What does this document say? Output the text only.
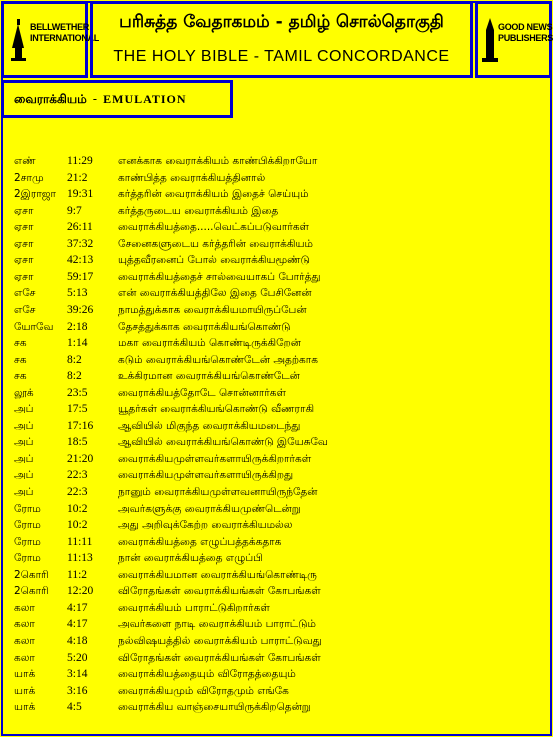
BELLWETHER
INTERNATIONAL
பரிசுத்த வேதாகமம் - தமிழ் சொல்தொகுதி
THE HOLY BIBLE - TAMIL CONCORDANCE
GOOD NEWS
PUBLISHERS
வைராக்கியம் - EMULATION
எண்	11:29 எனக்காக வைராக்கியம் காண்பிக்கிறாயோ
2சாமு 21:2	காண்பித்த வைராக்கியத்தினால்
2இராஜா 19:31 கர்த்தரின் வைராக்கியம் இதைச் செய்யும்
ஏசா	9:7	கர்த்தருடைய வைராக்கியம் இதை
ஏசா	26:11 வைராக்கியத்தை.....வெட்கப்படுவார்கள்
ஏசா	37:32 சேனைகளுடைய கர்த்தரின் வைராக்கியம்
ஏசா	42:13 யுத்தவீரனைப் போல் வைராக்கியமூண்டு
ஏசா	59:17 வைராக்கியத்தைச் சால்வையாகப் போர்த்து
எசே	5:13	என் வைராக்கியத்திலே இதை பேசினேன்
எசே	39:26 நாமத்துக்காக வைராக்கியமாயிருப்பேன்
யோவே 2:18	தேசத்துக்காக வைராக்கியங்கொண்டு
சக	1:14	மகா வைராக்கியம் கொண்டிருக்கிறேன்
சக	8:2	கடும் வைராக்கியங்கொண்டேன் அதற்காக
சக	8:2	உக்கிரமான வைராக்கியங்கொண்டேன்
லூக்	23:5	வைராக்கியத்தோடே சொன்னார்கள்
அப்	17:5	யூதர்கள் வைராக்கியங்கொண்டு வீணராகி
அப்	17:16 ஆவியில் மிகுந்த வைராக்கியமடைந்து
அப்	18:5	ஆவியில் வைராக்கியங்கொண்டு இயேசுவே
அப்	21:20 வைராக்கியமுள்ளவர்களாயிருக்கிறார்கள்
அப்	22:3	வைராக்கியமுள்ளவர்களாயிருக்கிறது
அப்	22:3	நானும் வைராக்கியமுள்ளவனாயிருந்தேன்
ரோம 10:2	அவர்களுக்கு வைராக்கியமுண்டென்று
ரோம 10:2	அது அறிவுக்கேற்ற வைராக்கியமல்ல
ரோம 11:11 வைராக்கியத்தை எழுப்பத்தக்கதாக
ரோம 11:13 நான் வைராக்கியத்தை எழுப்பி
2கொரி 11:2	வைராக்கியமான வைராக்கியங்கொண்டிரு
2கொரி 12:20 விரோதங்கள் வைராக்கியங்கள் கோபங்கள்
கலா	4:17	வைராக்கியம் பாராட்டுகிறார்கள்
கலா	4:17	அவர்களை நாடி வைராக்கியம் பாராட்டும்
கலா	4:18	நல்விஷயத்தில் வைராக்கியம் பாராட்டுவது
கலா	5:20	விரோதங்கள் வைராக்கியங்கள் கோபங்கள்
யாக்	3:14	வைராக்கியத்தையும் விரோதத்தையும்
யாக்	3:16	வைராக்கியமும் விரோதமும் எங்கே
யாக்	4:5	வைராக்கிய வாஞ்சையாயிருக்கிறதென்று
